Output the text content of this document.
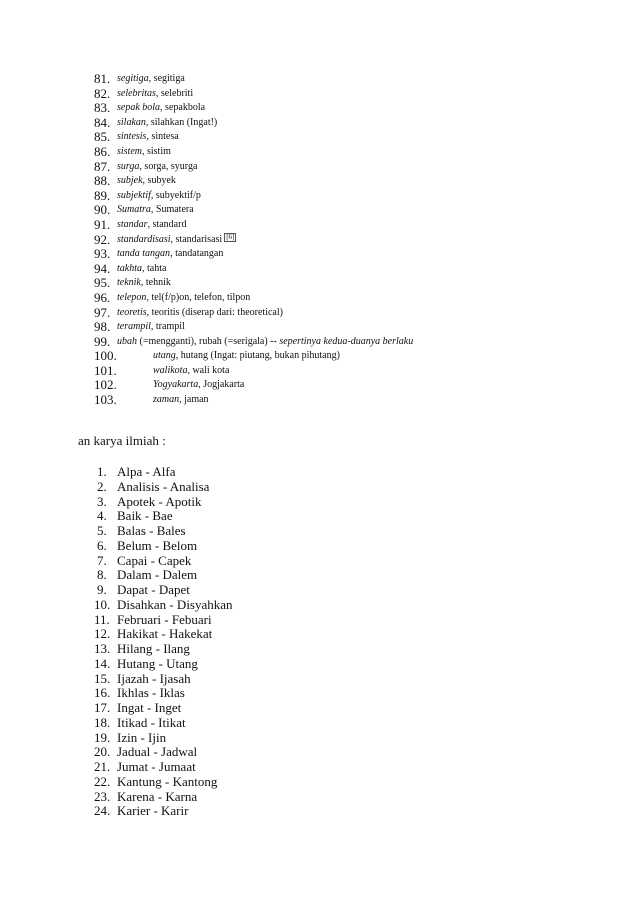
81. segitiga, segitiga
82. selebritas, selebriti
83. sepak bola, sepakbola
84. silakan, silahkan (Ingat!)
85. sintesis, sintesa
86. sistem, sistim
87. surga, sorga, syurga
88. subjek, subyek
89. subjektif, subyektif/p
90. Sumatra, Sumatera
91. standar, standard
92. standardisasi, standarisasi [6]
93. tanda tangan, tandatangan
94. takhta, tahta
95. teknik, tehnik
96. telepon, tel(f/p)on, telefon, tilpon
97. teoretis, teoritis (diserap dari: theoretical)
98. terampil, trampil
99. ubah (=mengganti), rubah (=serigala) -- sepertinya kedua-duanya berlaku
100.	utang, hutang (Ingat: piutang, bukan pihutang)
101.	walikota, wali kota
102.	Yogyakarta, Jogjakarta
103.	zaman, jaman
an karya ilmiah :
1. Alpa - Alfa
2. Analisis - Analisa
3. Apotek - Apotik
4. Baik - Bae
5. Balas - Bales
6. Belum - Belom
7. Capai - Capek
8. Dalam - Dalem
9. Dapat - Dapet
10. Disahkan - Disyahkan
11. Februari - Febuari
12. Hakikat - Hakekat
13. Hilang - Ilang
14. Hutang - Utang
15. Ijazah - Ijasah
16. Ikhlas - Iklas
17. Ingat - Inget
18. Itikad - Itikat
19. Izin - Ijin
20. Jadual - Jadwal
21. Jumat - Jumaat
22. Kantung - Kantong
23. Karena - Karna
24. Karier - Karir
